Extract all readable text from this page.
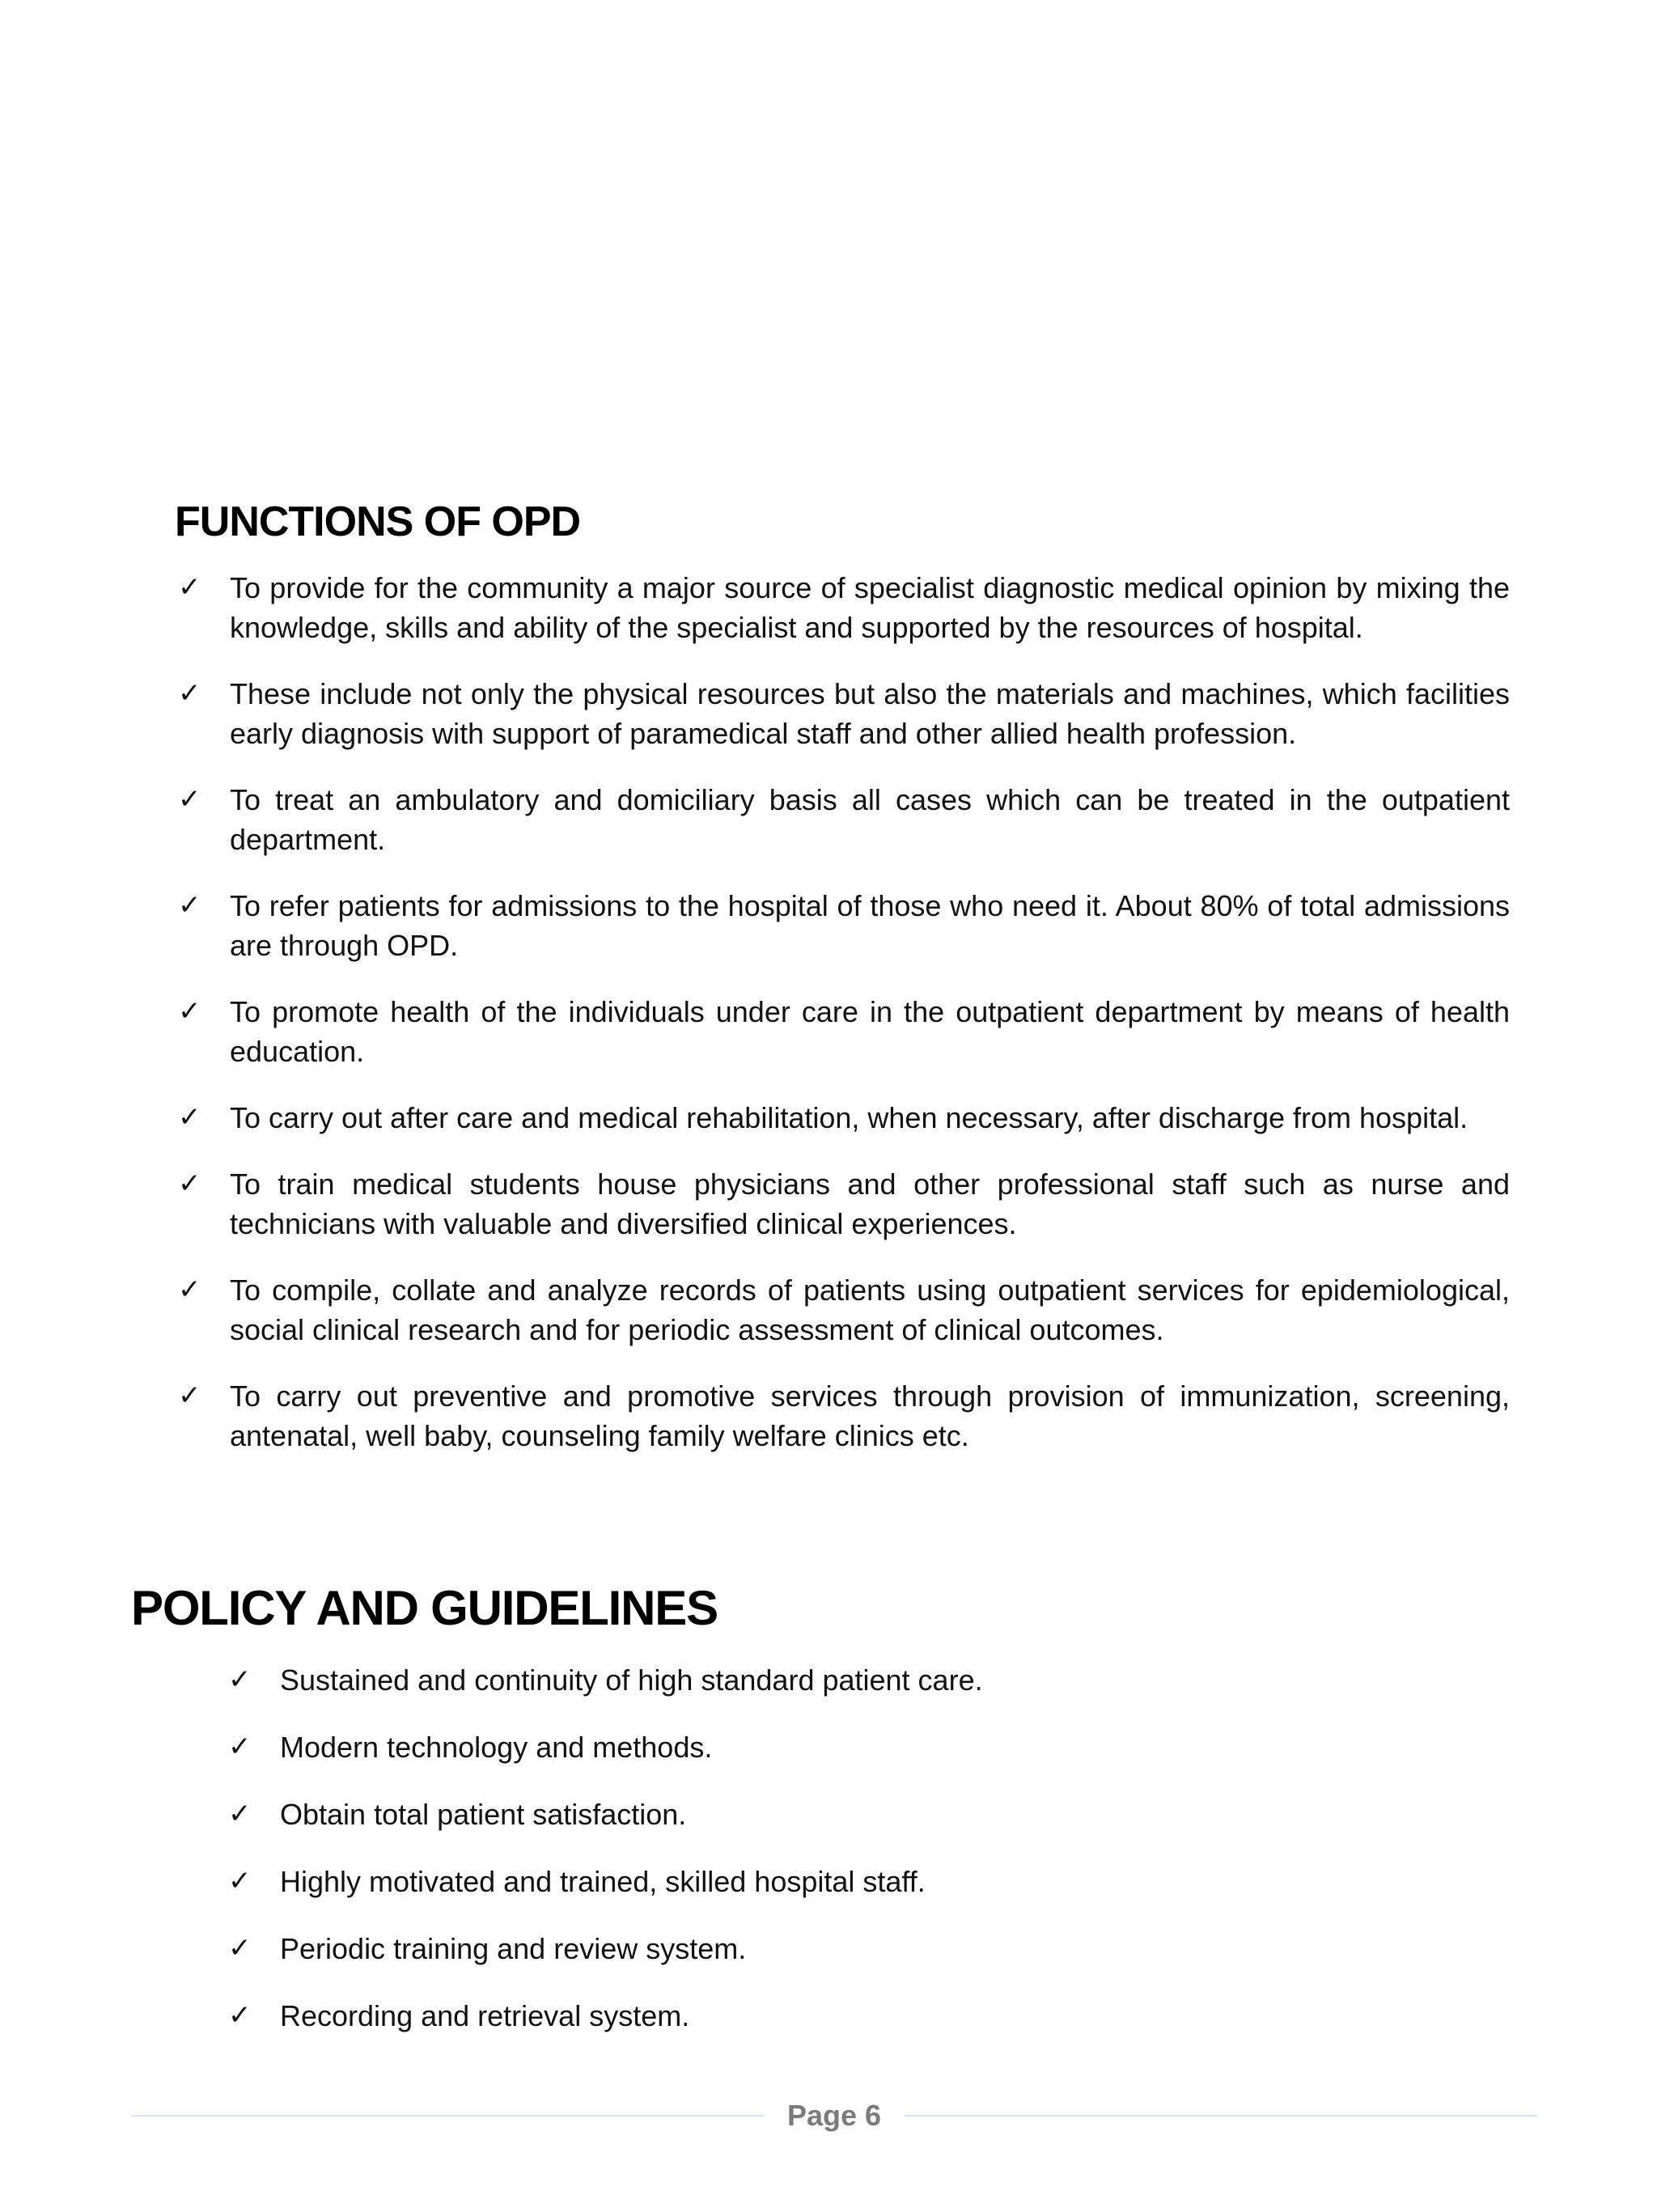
FUNCTIONS OF OPD
✓ To provide for the community a major source of specialist diagnostic medical opinion by mixing the knowledge, skills and ability of the specialist and supported by the resources of hospital.
✓ These include not only the physical resources but also the materials and machines, which facilities early diagnosis with support of paramedical staff and other allied health profession.
✓ To treat an ambulatory and domiciliary basis all cases which can be treated in the outpatient department.
✓ To refer patients for admissions to the hospital of those who need it. About 80% of total admissions are through OPD.
✓ To promote health of the individuals under care in the outpatient department by means of health education.
✓ To carry out after care and medical rehabilitation, when necessary, after discharge from hospital.
✓ To train medical students house physicians and other professional staff such as nurse and technicians with valuable and diversified clinical experiences.
✓ To compile, collate and analyze records of patients using outpatient services for epidemiological, social clinical research and for periodic assessment of clinical outcomes.
✓ To carry out preventive and promotive services through provision of immunization, screening, antenatal, well baby, counseling family welfare clinics etc.
POLICY AND GUIDELINES
✓ Sustained and continuity of high standard patient care.
✓ Modern technology and methods.
✓ Obtain total patient satisfaction.
✓ Highly motivated and trained, skilled hospital staff.
✓ Periodic training and review system.
✓ Recording and retrieval system.
Page 6
